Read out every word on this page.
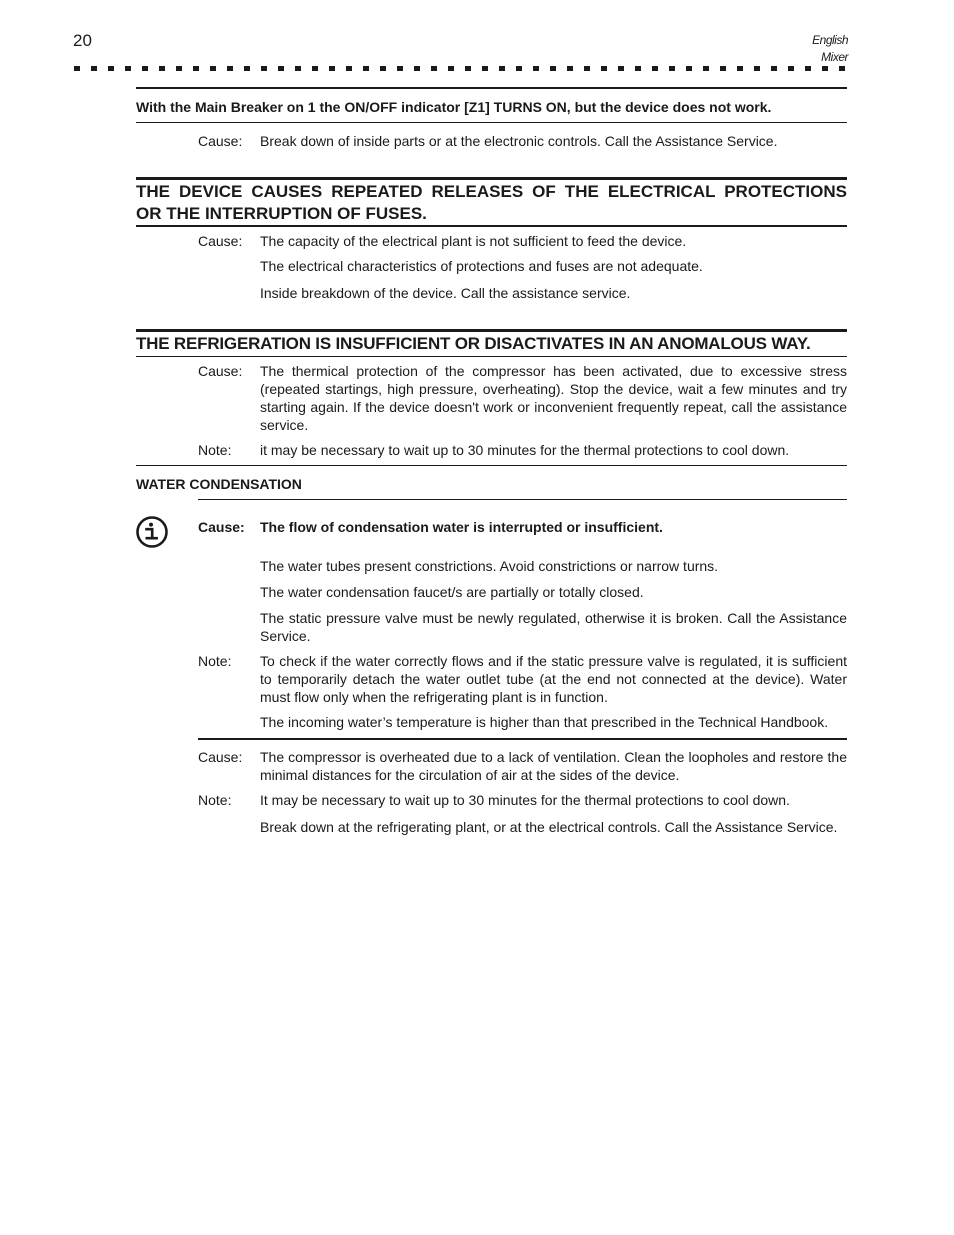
20	English
Mixer
With the Main Breaker on 1 the ON/OFF indicator [Z1] TURNS ON, but the device does not work.
Cause: Break down of inside parts or at the electronic controls. Call the Assistance Service.
THE DEVICE CAUSES REPEATED RELEASES OF THE ELECTRICAL PROTECTIONS
OR THE INTERRUPTION OF FUSES.
Cause: The capacity of the electrical plant is not sufficient to feed the device.
The electrical characteristics of protections and fuses are not adequate.
Inside breakdown of the device. Call the assistance service.
THE REFRIGERATION IS INSUFFICIENT OR DISACTIVATES IN AN ANOMALOUS WAY.
Cause: The thermical protection of the compressor has been activated, due to excessive stress (repeated startings, high pressure, overheating). Stop the device, wait a few minutes and try starting again. If the device doesn't work or inconvenient frequently repeat, call the assistance service.
Note: it may be necessary to wait up to 30 minutes for the thermal protections to cool down.
WATER CONDENSATION
Cause: The flow of condensation water is interrupted or insufficient.
The water tubes present constrictions. Avoid constrictions or narrow turns.
The water condensation faucet/s are partially or totally closed.
The static pressure valve must be newly regulated, otherwise it is broken. Call the Assistance Service.
Note: To check if the water correctly flows and if the static pressure valve is regulated, it is sufficient to temporarily detach the water outlet tube (at the end not connected at the device). Water must flow only when the refrigerating plant is in function.
The incoming water’s temperature is higher than that prescribed in the Technical Handbook.
Cause: The compressor is overheated due to a lack of ventilation. Clean the loopholes and restore the minimal distances for the circulation of air at the sides of the device.
Note: It may be necessary to wait up to 30 minutes for the thermal protections to cool down.
Break down at the refrigerating plant, or at the electrical controls. Call the Assistance Service.
